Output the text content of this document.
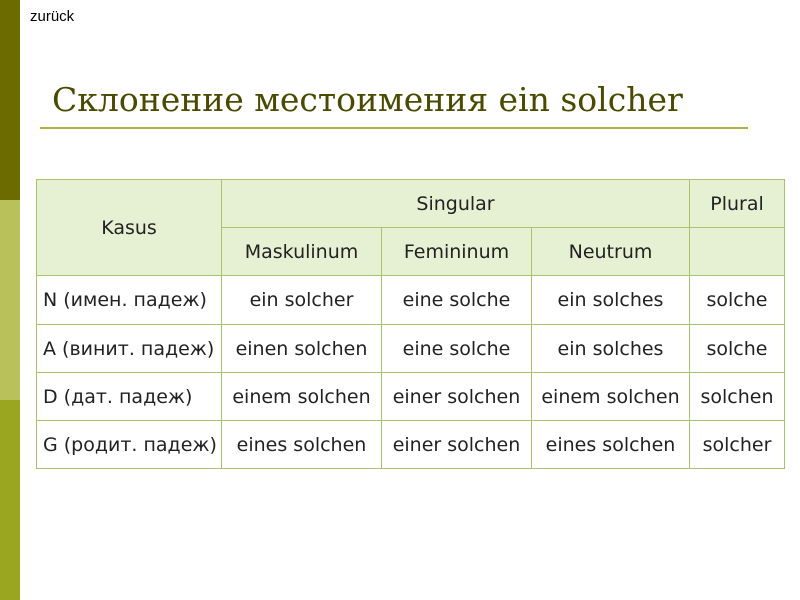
zurück
Склонение местоимения ein solcher
Kasus	Singular			Plural
	Maskulinum	Femininum	Neutrum	
N (имен. падеж)	ein solcher	eine solche	ein solches	solche
A (винит. падеж)	einen solchen	eine solche	ein solches	solche
D (дат. падеж)	einem solchen	einer solchen	einem solchen	solchen
G (родит. падеж)	eines solchen	einer solchen	eines solchen	solcher
